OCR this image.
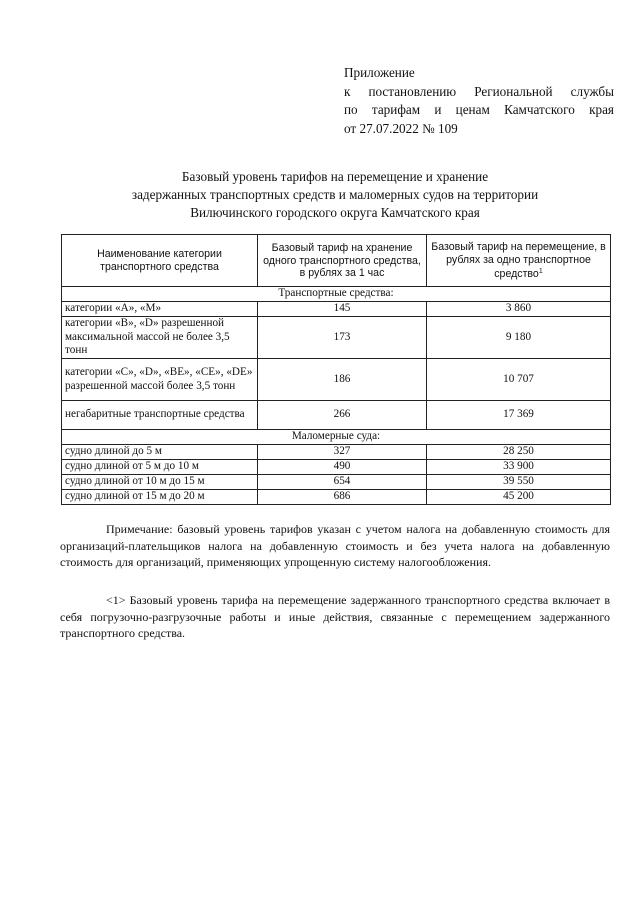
Приложение
к постановлению Региональной службы
по тарифам и ценам Камчатского края
от 27.07.2022 № 109
Базовый уровень тарифов на перемещение и хранение
задержанных транспортных средств и маломерных судов на территории
Вилючинского городского округа Камчатского края
Наименование категории транспортного средства	Базовый тариф на хранение одного транспортного средства, в рублях за 1 час	Базовый тариф на перемещение, в рублях за одно транспортное средство$^1$
Транспортные средства:		
категории «A», «M»	145	3 860
категории «B», «D» разрешенной максимальной массой не более 3,5 тонн	173	9 180
категории «C», «D», «BE», «CE», «DE» разрешенной массой более 3,5 тонн	186	10 707
негабаритные транспортные средства	266	17 369
Маломерные суда:		
судно длиной до 5 м	327	28 250
судно длиной от 5 м до 10 м	490	33 900
судно длиной от 10 м до 15 м	654	39 550
судно длиной от 15 м до 20 м	686	45 200

Примечание: базовый уровень тарифов указан с учетом налога на добавленную стоимость для организаций-плательщиков налога на добавленную стоимость и без учета налога на добавленную стоимость для организаций, применяющих упрощенную систему налогообложения.

<1> Базовый уровень тарифа на перемещение задержанного транспортного средства включает в себя погрузочно-разгрузочные работы и иные действия, связанные с перемещением задержанного транспортного средства.
